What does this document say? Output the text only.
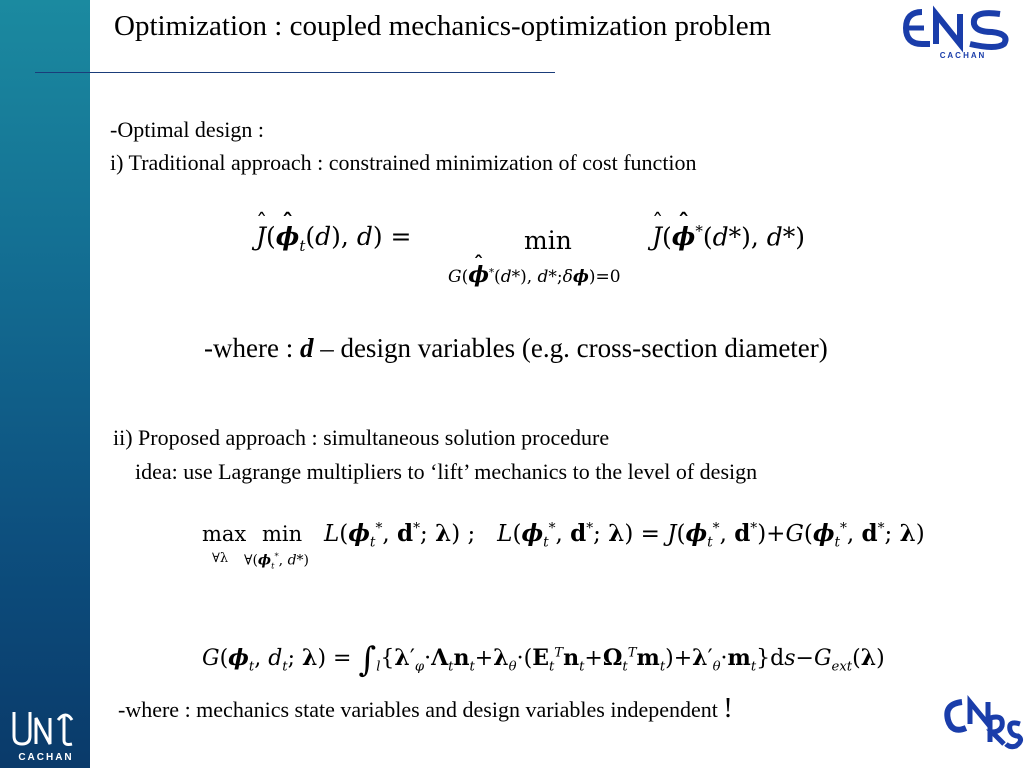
CACHAN
C A C H A N
Optimization : coupled mechanics-optimization problem
-Optimal design :
i) Traditional approach : constrained minimization of cost function
ˆ J(ˆ $\phi_t(d)$, d) =	min
G(ˆ ϕ*(d*), d*;δϕ)=0
ˆ J(ˆ ϕ*(d*), d*)
-where : d – design variables (e.g. cross-section diameter)
ii) Proposed approach : simultaneous solution procedure
idea: use Lagrange multipliers to ‘lift’ mechanics to the level of design
max
∀λ
min
$\forall(\phi_t^*$, d*)
$L(\phi_t^*$, d*; λ) ;   $L(\phi_t^*$, d*; $\lambda) = J(\phi_t^*$, $d^*)+G(\phi_t^*$, d*; λ)
$G(\phi_t$, $d_t$; $\lambda) = \int_l\{\lambda'_\varphi\cdot\Lambda_tn_t+\lambda_\theta\cdot(E_t^Tn_t+\Omega_t^Tm_t)+\lambda'_\theta\cdot m_t\}ds-G_{ext}(\lambda)$
-where : mechanics state variables and design variables independent !
